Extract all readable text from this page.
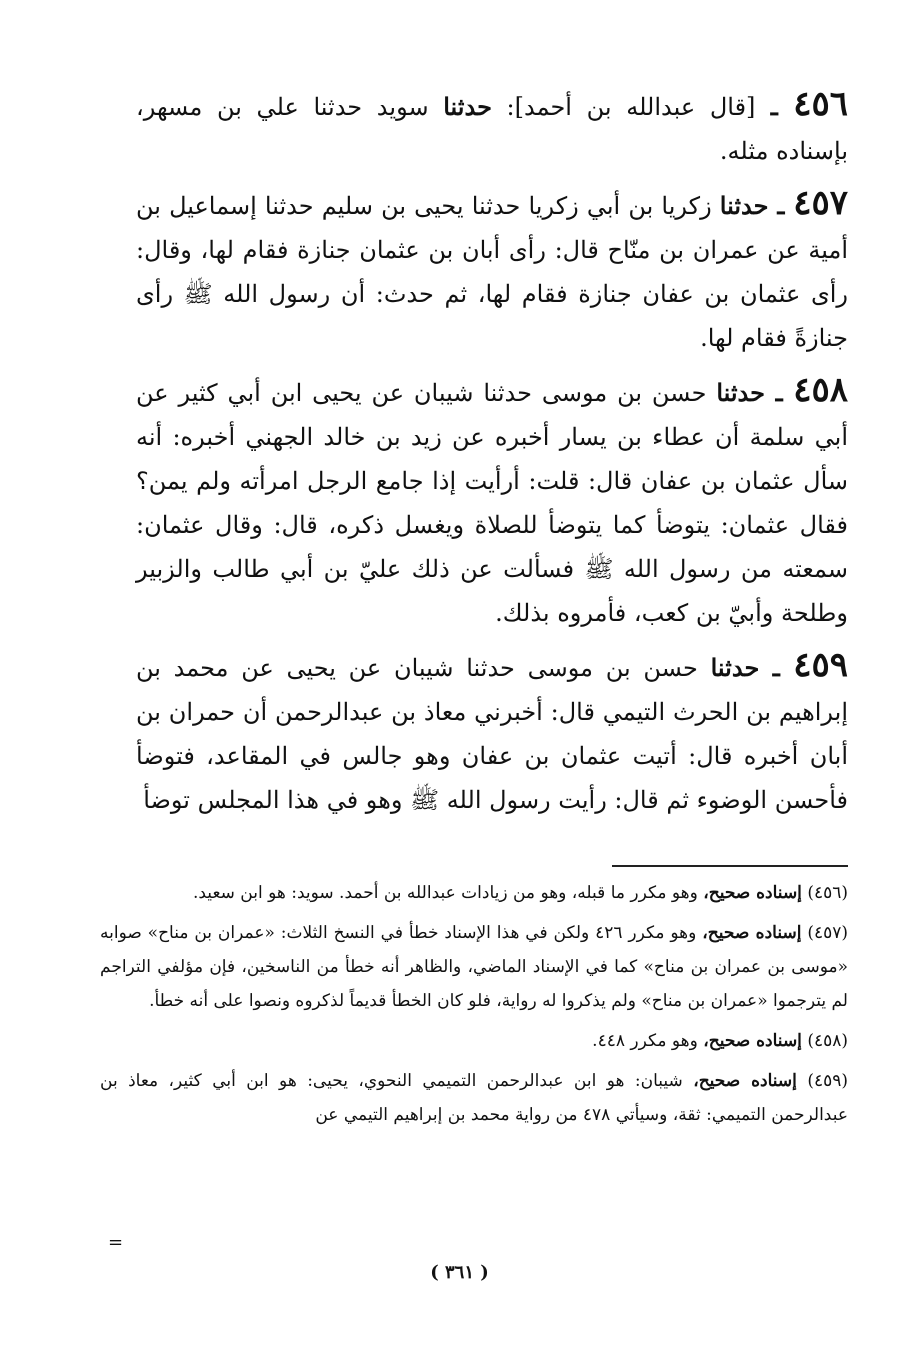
٤٥٦ ـ [قال عبدالله بن أحمد]: حدثنا سويد حدثنا علي بن مسهر، بإسناده مثله.

٤٥٧ ـ حدثنا زكريا بن أبي زكريا حدثنا يحيى بن سليم حدثنا إسماعيل بن أمية عن عمران بن منّاح قال: رأى أبان بن عثمان جنازة فقام لها، وقال: رأى عثمان بن عفان جنازة فقام لها، ثم حدث: أن رسول الله ﷺ رأى جنازةً فقام لها.

٤٥٨ ـ حدثنا حسن بن موسى حدثنا شيبان عن يحيى ابن أبي كثير عن أبي سلمة أن عطاء بن يسار أخبره عن زيد بن خالد الجهني أخبره: أنه سأل عثمان بن عفان قال: قلت: أرأيت إذا جامع الرجل امرأته ولم يمن؟ فقال عثمان: يتوضأ كما يتوضأ للصلاة ويغسل ذكره، قال: وقال عثمان: سمعته من رسول الله ﷺ فسألت عن ذلك عليّ بن أبي طالب والزبير وطلحة وأبيّ بن كعب، فأمروه بذلك.

٤٥٩ ـ حدثنا حسن بن موسى حدثنا شيبان عن يحيى عن محمد بن إبراهيم بن الحرث التيمي قال: أخبرني معاذ بن عبدالرحمن أن حمران بن أبان أخبره قال: أتيت عثمان بن عفان وهو جالس في المقاعد، فتوضأ فأحسن الوضوء ثم قال: رأيت رسول الله ﷺ وهو في هذا المجلس توضأ

(٤٥٦) إسناده صحيح، وهو مكرر ما قبله، وهو من زيادات عبدالله بن أحمد. سويد: هو ابن سعيد.

(٤٥٧) إسناده صحيح، وهو مكرر ٤٢٦ ولكن في هذا الإسناد خطأ في النسخ الثلاث: «عمران بن مناح» صوابه «موسى بن عمران بن مناح» كما في الإسناد الماضي، والظاهر أنه خطأ من الناسخين، فإن مؤلفي التراجم لم يترجموا «عمران بن مناح» ولم يذكروا له رواية، فلو كان الخطأ قديماً لذكروه ونصوا على أنه خطأ.

(٤٥٨) إسناده صحيح، وهو مكرر ٤٤٨.

(٤٥٩) إسناده صحيح، شيبان: هو ابن عبدالرحمن التميمي النحوي، يحيى: هو ابن أبي كثير، معاذ بن عبدالرحمن التميمي: ثقة، وسيأتي ٤٧٨ من رواية محمد بن إبراهيم التيمي عن

=
( ٣٦١ )
